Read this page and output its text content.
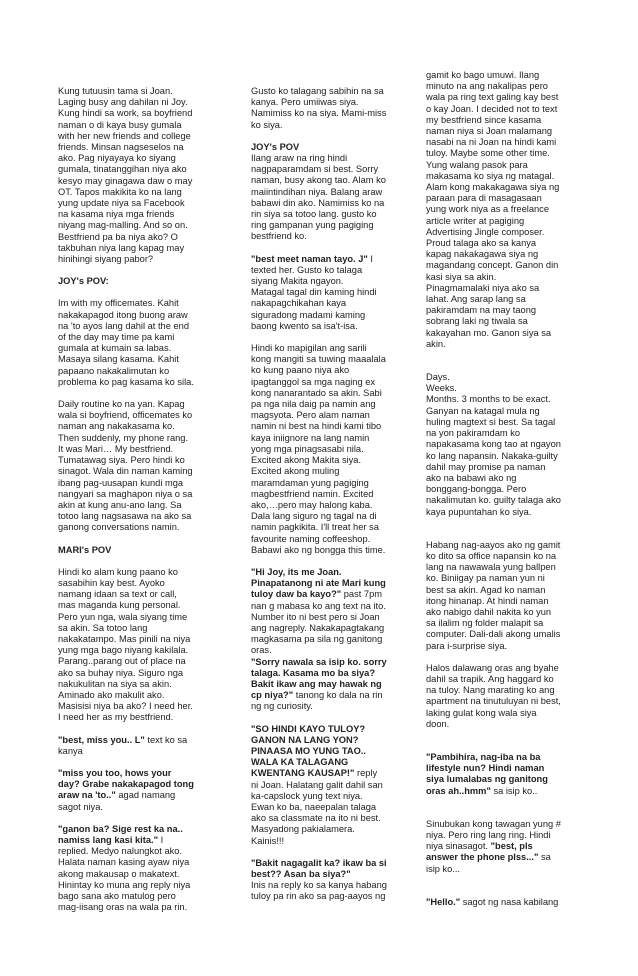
Kung tutuusin tama si Joan.
Laging busy ang dahilan ni Joy.
Kung hindi sa work, sa boyfriend
naman o di kaya busy gumala
with her new friends and college
friends. Minsan nagseselos na
ako. Pag niyayaya ko siyang
gumala, tinatanggihan niya ako
kesyo may ginagawa daw o may
OT. Tapos makikita ko na lang
yung update niya sa Facebook
na kasama niya mga friends
niyang mag-malling. And so on.
Bestfriend pa ba niya ako? O
takbuhan niya lang kapag may
hinihingi siyang pabor?
JOY's POV:
Im with my officemates. Kahit
nakakapagod itong buong araw
na 'to ayos lang dahil at the end
of the day may time pa kami
gumala at kumain sa labas.
Masaya silang kasama. Kahit
papaano nakakalimutan ko
problema ko pag kasama ko sila.
Daily routine ko na yan. Kapag
wala si boyfriend, officemates ko
naman ang nakakasama ko.
Then suddenly, my phone rang.
It was Mari… My bestfriend.
Tumatawag siya. Pero hindi ko
sinagot. Wala din naman kaming
ibang pag-uusapan kundi mga
nangyari sa maghapon niya o sa
akin at kung anu-ano lang. Sa
totoo lang nagsasawa na ako sa
ganong conversations namin.
MARI's POV
Hindi ko alam kung paano ko
sasabihin kay best. Ayoko
namang idaan sa text or call,
mas maganda kung personal.
Pero yun nga, wala siyang time
sa akin. Sa totoo lang
nakakatampo. Mas pinili na niya
yung mga bago niyang kakilala.
Parang..parang out of place na
ako sa buhay niya. Siguro nga
nakukulitan na siya sa akin.
Aminado ako makulit ako.
Masisisi niya ba ako? I need her.
I need her as my bestfriend.
"best, miss you.. L" text ko sa
kanya
"miss you too, hows your
day? Grabe nakakapagod tong
araw na 'to.." agad namang
sagot niya.
"ganon ba? Sige rest ka na..
namiss lang kasi kita." I
replied. Medyo nalungkot ako.
Halata naman kasing ayaw niya
akong makausap o makatext.
Hinintay ko muna ang reply niya
bago sana ako matulog pero
mag-iisang oras na wala pa rin.
Gusto ko talagang sabihin na sa
kanya. Pero umiiwas siya.
Namimiss ko na siya. Mami-miss
ko siya.
JOY's POV
Ilang araw na ring hindi
nagpaparamdam si best. Sorry
naman, busy akong tao. Alam ko
maiintindihan niya. Balang araw
babawi din ako. Namimiss ko na
rin siya sa totoo lang. gusto ko
ring gampanan yung pagiging
bestfriend ko.
"best meet naman tayo. J" I
texted her. Gusto ko talaga
siyang Makita ngayon.
Matagal tagal din kaming hindi
nakapagchikahan kaya
siguradong madami kaming
baong kwento sa isa't-isa.
Hindi ko mapigilan ang sarili
kong mangiti sa tuwing maaalala
ko kung paano niya ako
ipagtanggol sa mga naging ex
kong nanarantado sa akin. Sabi
pa nga nila daig pa namin ang
magsyota. Pero alam naman
namin ni best na hindi kami tibo
kaya iniignore na lang namin
yong mga pinagsasabi nila.
Excited akong Makita siya.
Excited akong muling
maramdaman yung pagiging
magbestfriend namin. Excited
ako,…pero may halong kaba.
Dala lang siguro ng tagal na di
namin pagkikita. I'll treat her sa
favourite naming coffeeshop.
Babawi ako ng bongga this time.
"Hi Joy, its me Joan.
Pinapatanong ni ate Mari kung
tuloy daw ba kayo?" past 7pm
nan g mabasa ko ang text na ito.
Number ito ni best pero si Joan
ang nagreply. Nakakapagtakang
magkasama pa sila ng ganitong
oras.
"Sorry nawala sa isip ko. sorry
talaga. Kasama mo ba siya?
Bakit ikaw ang may hawak ng
cp niya?" tanong ko dala na rin
ng ng curiosity.
"SO HINDI KAYO TULOY?
GANON NA LANG YON?
PINAASA MO YUNG TAO..
WALA KA TALAGANG
KWENTANG KAUSAP!" reply
ni Joan. Halatang galit dahil san
ka-capslock yung text niya.
Ewan ko ba, naeepalan talaga
ako sa classmate na ito ni best.
Masyadong pakialamera.
Kainis!!!
"Bakit nagagalit ka? ikaw ba si
best?? Asan ba siya?"
Inis na reply ko sa kanya habang
tuloy pa rin ako sa pag-aayos ng
gamit ko bago umuwi. Ilang
minuto na ang nakalipas pero
wala pa ring text galing kay best
o kay Joan. I decided not to text
my bestfriend since kasama
naman niya si Joan malamang
nasabi na ni Joan na hindi kami
tuloy. Maybe some other time.
Yung walang pasok para
makasama ko siya ng matagal.
Alam kong makakagawa siya ng
paraan para di masagasaan
yung work niya as a freelance
article writer at pagiging
Advertising Jingle composer.
Proud talaga ako sa kanya
kapag nakakagawa siya ng
magandang concept. Ganon din
kasi siya sa akin.
Pinagmamalaki niya ako sa
lahat. Ang sarap lang sa
pakiramdam na may taong
sobrang laki ng tiwala sa
kakayahan mo. Ganon siya sa
akin.
Days.
Weeks.
Months. 3 months to be exact.
Ganyan na katagal mula ng
huling magtext si best. Sa tagal
na yon pakiramdam ko
napakasama kong tao at ngayon
ko lang napansin. Nakaka-guilty
dahil may promise pa naman
ako na babawi ako ng
bonggang-bongga. Pero
nakalimutan ko. guilty talaga ako
kaya pupuntahan ko siya.
Habang nag-aayos ako ng gamit
ko dito sa office napansin ko na
lang na nawawala yung ballpen
ko. Biniigay pa naman yun ni
best sa akin. Agad ko naman
itong hinanap. At hindi naman
ako nabigo dahil nakita ko yun
sa ilalim ng folder malapit sa
computer. Dali-dali akong umalis
para i-surprise siya.
Halos dalawang oras ang byahe
dahil sa trapik. Ang haggard ko
na tuloy. Nang marating ko ang
apartment na tinutuluyan ni best,
laking gulat kong wala siya
doon.
"Pambihira, nag-iba na ba
lifestyle nun? Hindi naman
siya lumalabas ng ganitong
oras ah..hmm" sa isip ko..
Sinubukan kong tawagan yung #
niya. Pero ring lang ring. Hindi
niya sinasagot. "best, pls
answer the phone plss..." sa
isip ko...
"Hello." sagot ng nasa kabilang
